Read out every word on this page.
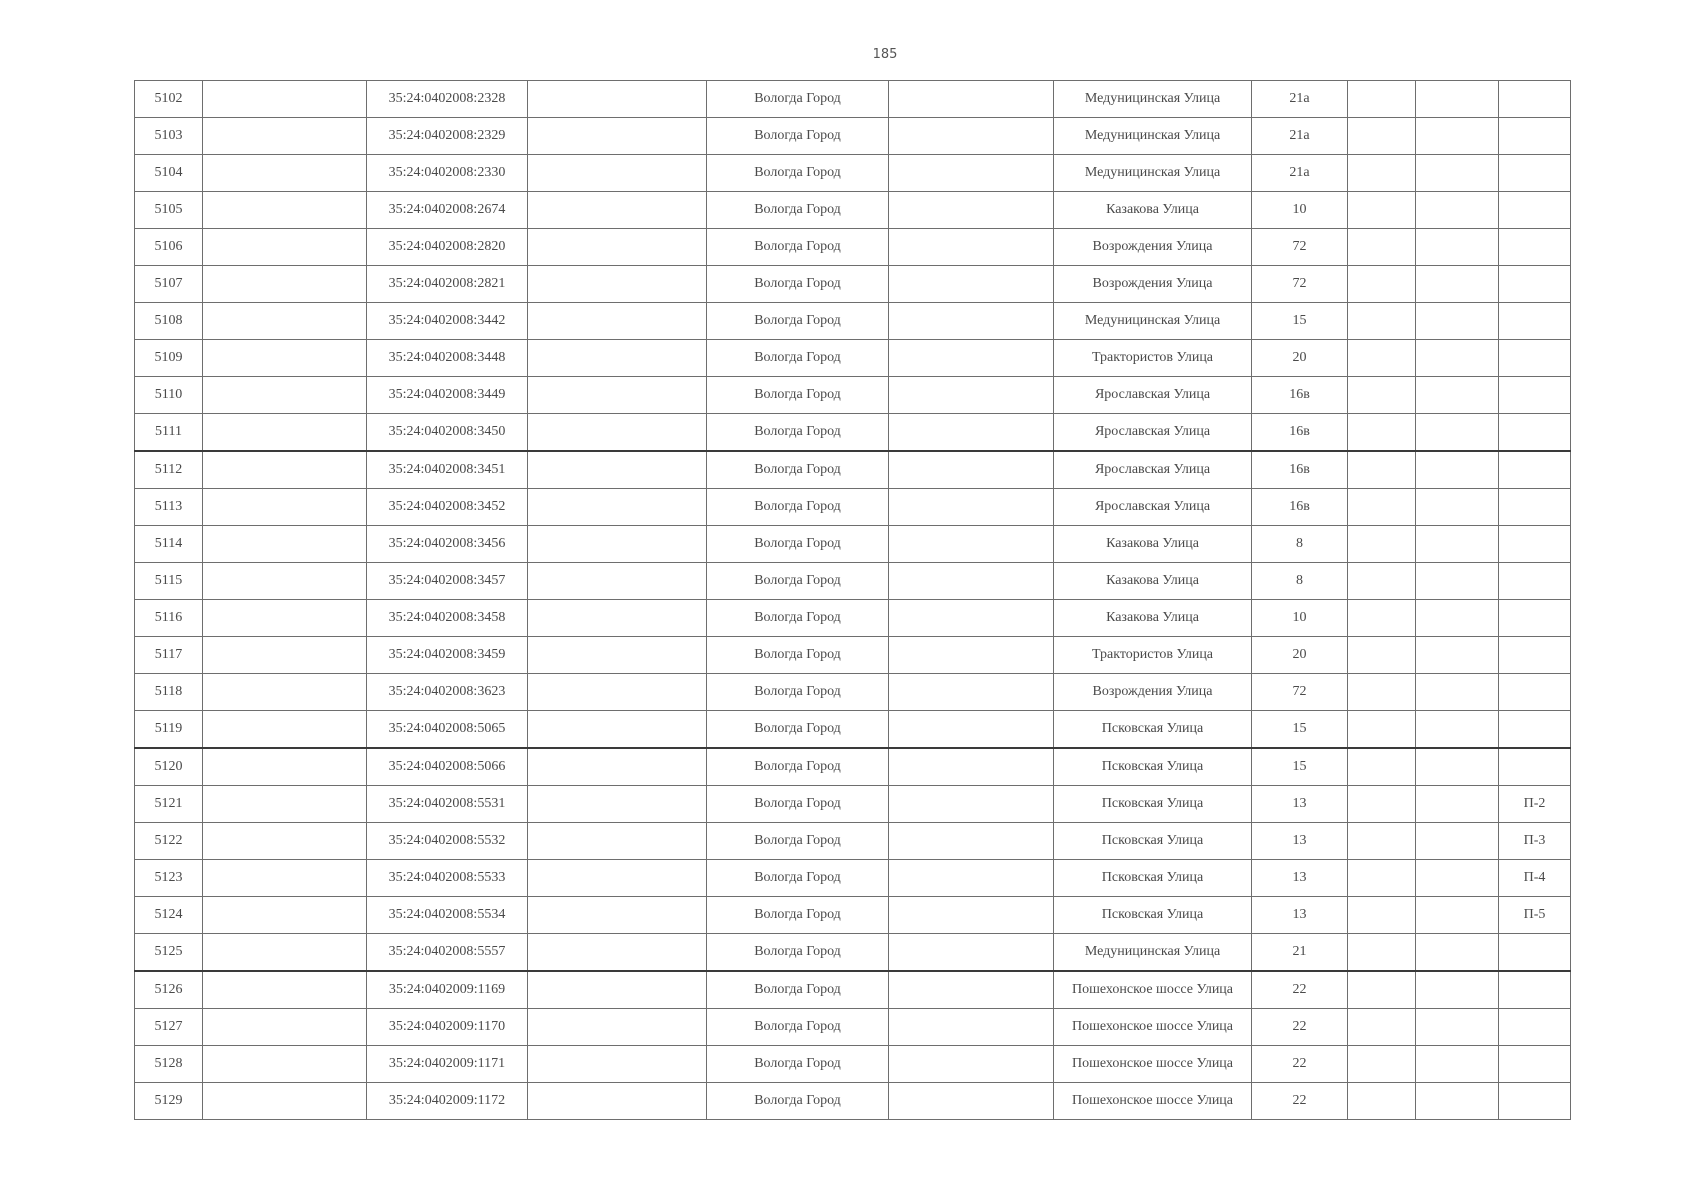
185
5102		35:24:0402008:2328		Вологда Город		Медуницинская Улица	21а			
5103		35:24:0402008:2329		Вологда Город		Медуницинская Улица	21а			
5104		35:24:0402008:2330		Вологда Город		Медуницинская Улица	21а			
5105		35:24:0402008:2674		Вологда Город		Казакова Улица	10			
5106		35:24:0402008:2820		Вологда Город		Возрождения Улица	72			
5107		35:24:0402008:2821		Вологда Город		Возрождения Улица	72			
5108		35:24:0402008:3442		Вологда Город		Медуницинская Улица	15			
5109		35:24:0402008:3448		Вологда Город		Трактористов Улица	20			
5110		35:24:0402008:3449		Вологда Город		Ярославская Улица	16в			
5111		35:24:0402008:3450		Вологда Город		Ярославская Улица	16в			
5112		35:24:0402008:3451		Вологда Город		Ярославская Улица	16в			
5113		35:24:0402008:3452		Вологда Город		Ярославская Улица	16в			
5114		35:24:0402008:3456		Вологда Город		Казакова Улица	8			
5115		35:24:0402008:3457		Вологда Город		Казакова Улица	8			
5116		35:24:0402008:3458		Вологда Город		Казакова Улица	10			
5117		35:24:0402008:3459		Вологда Город		Трактористов Улица	20			
5118		35:24:0402008:3623		Вологда Город		Возрождения Улица	72			
5119		35:24:0402008:5065		Вологда Город		Псковская Улица	15			
5120		35:24:0402008:5066		Вологда Город		Псковская Улица	15			
5121		35:24:0402008:5531		Вологда Город		Псковская Улица	13			П-2
5122		35:24:0402008:5532		Вологда Город		Псковская Улица	13			П-3
5123		35:24:0402008:5533		Вологда Город		Псковская Улица	13			П-4
5124		35:24:0402008:5534		Вологда Город		Псковская Улица	13			П-5
5125		35:24:0402008:5557		Вологда Город		Медуницинская Улица	21			
5126		35:24:0402009:1169		Вологда Город		Пошехонское шоссе Улица	22			
5127		35:24:0402009:1170		Вологда Город		Пошехонское шоссе Улица	22			
5128		35:24:0402009:1171		Вологда Город		Пошехонское шоссе Улица	22			
5129		35:24:0402009:1172		Вологда Город		Пошехонское шоссе Улица	22			
